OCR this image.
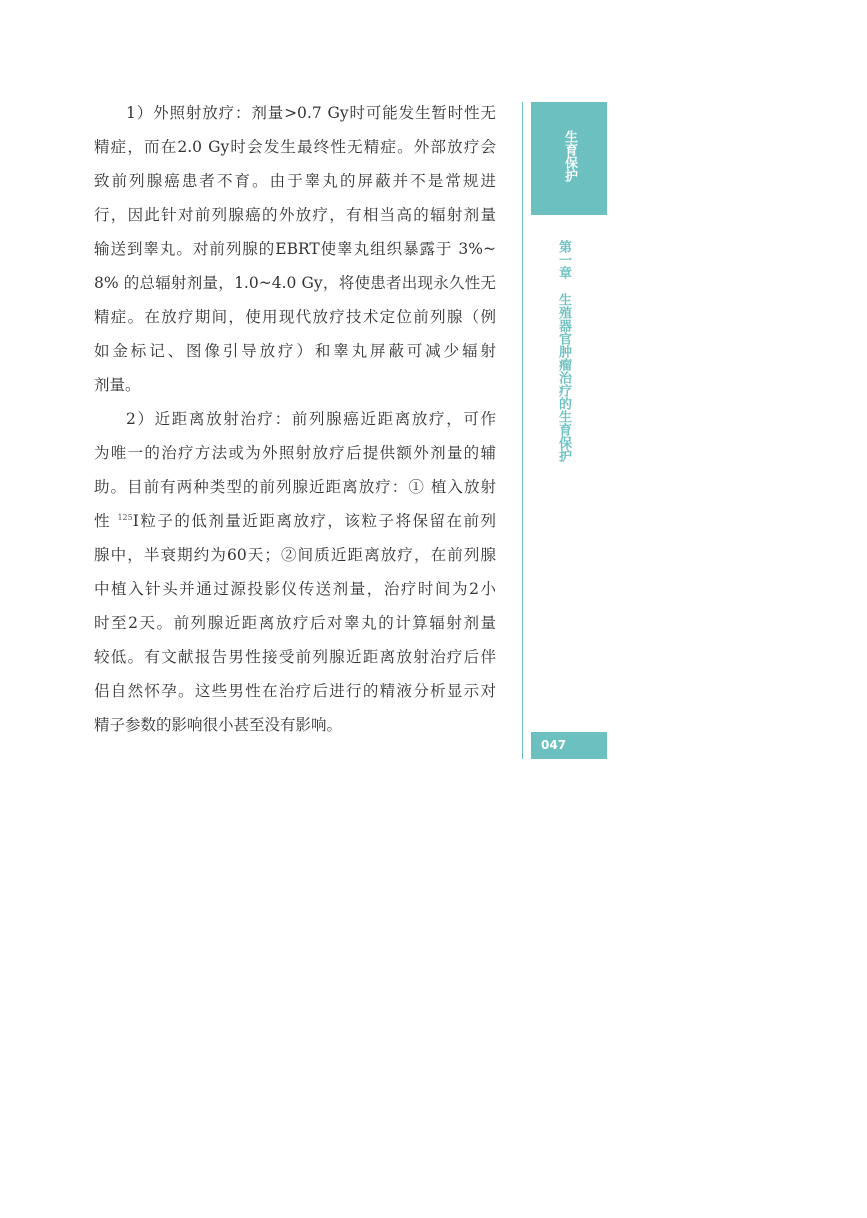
1）外照射放疗：剂量>0.7 Gy时可能发生暂时性无
精症，而在2.0 Gy时会发生最终性无精症。外部放疗会
致前列腺癌患者不育。由于睾丸的屏蔽并不是常规进
行，因此针对前列腺癌的外放疗，有相当高的辐射剂量
输送到睾丸。对前列腺的EBRT使睾丸组织暴露于 3%~
8% 的总辐射剂量，1.0~4.0 Gy，将使患者出现永久性无
精症。在放疗期间，使用现代放疗技术定位前列腺（例
如金标记、图像引导放疗）和睾丸屏蔽可减少辐射
剂量。
2）近距离放射治疗：前列腺癌近距离放疗，可作
为唯一的治疗方法或为外照射放疗后提供额外剂量的辅
助。目前有两种类型的前列腺近距离放疗：① 植入放射
性 $^{125}$I粒子的低剂量近距离放疗，该粒子将保留在前列
腺中，半衰期约为60天；②间质近距离放疗，在前列腺
中植入针头并通过源投影仪传送剂量，治疗时间为2小
时至2天。前列腺近距离放疗后对睾丸的计算辐射剂量
较低。有文献报告男性接受前列腺近距离放射治疗后伴
侣自然怀孕。这些男性在治疗后进行的精液分析显示对
精子参数的影响很小甚至没有影响。
生育保护
第一章生殖器官肿瘤治疗的生育保护
047
